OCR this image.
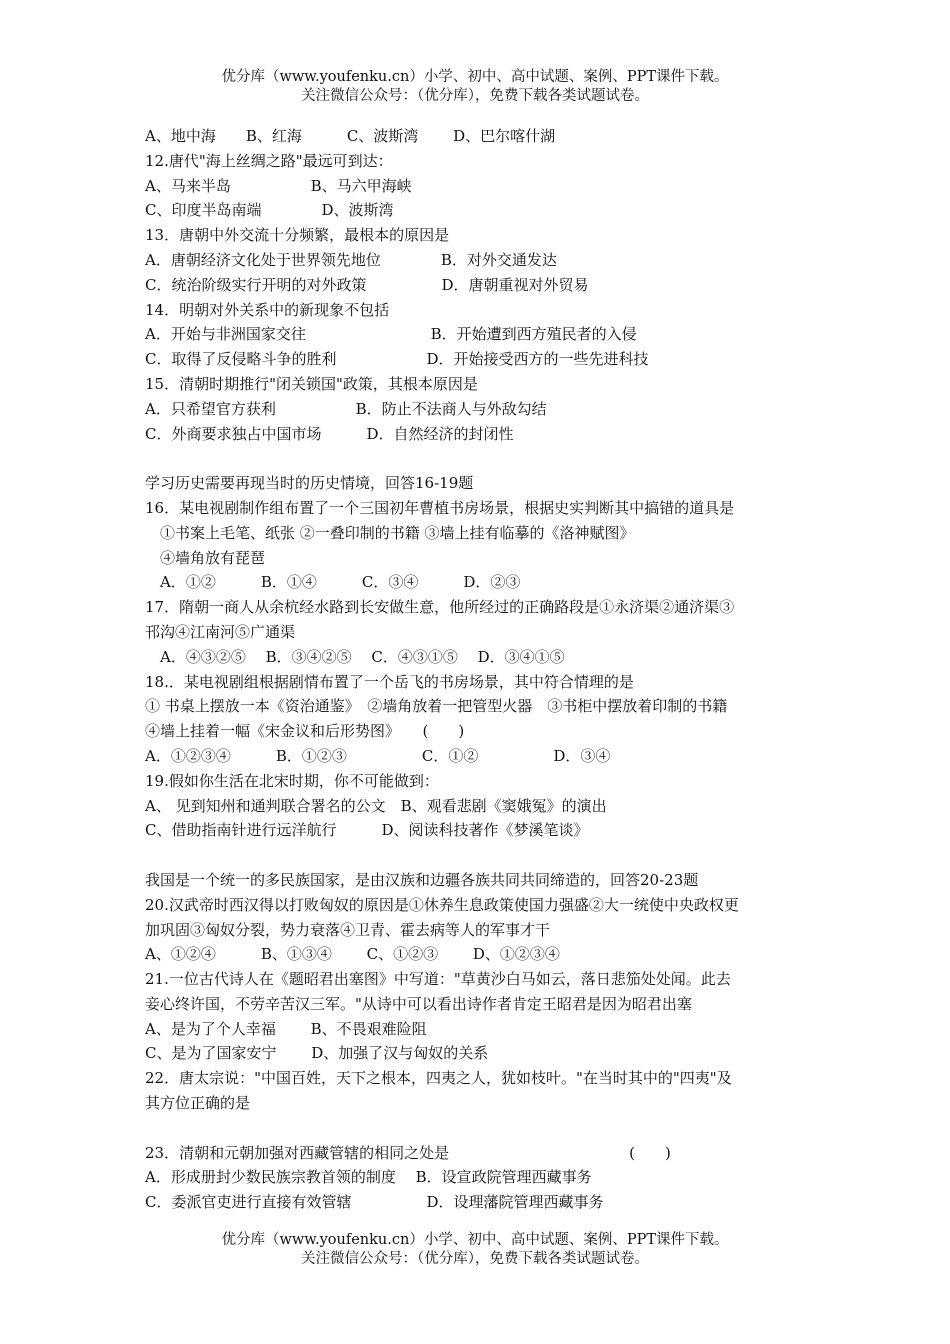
优分库（www.youfenku.cn）小学、初中、高中试题、案例、PPT课件下载。
关注微信公众号：（优分库），免费下载各类试题试卷。
A、地中海　　B、红海　　　C、波斯湾　　 D、巴尔喀什湖
12.唐代"海上丝绸之路"最远可到达：
A、马来半岛　　　　　 B、马六甲海峡
C、印度半岛南端　　　　D、波斯湾
13．唐朝中外交流十分频繁，最根本的原因是
A．唐朝经济文化处于世界领先地位　　　　B．对外交通发达
C．统治阶级实行开明的对外政策　　　　　D．唐朝重视对外贸易
14．明朝对外关系中的新现象不包括
A．开始与非洲国家交往　　　　　　　　 B．开始遭到西方殖民者的入侵
C．取得了反侵略斗争的胜利　　　　　　D．开始接受西方的一些先进科技
15．清朝时期推行"闭关锁国"政策，其根本原因是
A．只希望官方获利　　　　　 B．防止不法商人与外敌勾结
C．外商要求独占中国市场　　　D．自然经济的封闭性
学习历史需要再现当时的历史情境，回答16-19题
16．某电视剧制作组布置了一个三国初年曹植书房场景，根据史实判断其中搞错的道具是
　①书案上毛笔、纸张 ②一叠印制的书籍 ③墙上挂有临摹的《洛神赋图》
　④墙角放有琵琶
　A．①②　　　B．①④　　　C．③④　　　D．②③
17．隋朝一商人从余杭经水路到长安做生意，他所经过的正确路段是①永济渠②通济渠③
邗沟④江南河⑤广通渠
　A．④③②⑤　 B．③④②⑤　 C．④③①⑤　 D．③④①⑤
18.．某电视剧组根据剧情布置了一个岳飞的书房场景，其中符合情理的是
① 书桌上摆放一本《资治通鉴》　②墙角放着一把管型火器　③书柜中摆放着印制的书籍
④墙上挂着一幅《宋金议和后形势图》　　(　　)
A．①②③④　　　B．①②③　　　　　C．①②　　　　　D．③④
19.假如你生活在北宋时期，你不可能做到：
A、 见到知州和通判联合署名的公文　B、观看悲剧《窦娥冤》的演出
C、借助指南针进行远洋航行　　　D、阅读科技著作《梦溪笔谈》
我国是一个统一的多民族国家，是由汉族和边疆各族共同共同缔造的，回答20-23题
20.汉武帝时西汉得以打败匈奴的原因是①休养生息政策使国力强盛②大一统使中央政权更
加巩固③匈奴分裂，势力衰落④卫青、霍去病等人的军事才干
A、①②④　　　B、①③④　　 C、①②③　　 D、①②③④
21.一位古代诗人在《题昭君出塞图》中写道："草黄沙白马如云，落日悲笳处处闻。此去
妾心终许国，不劳辛苦汉三军。"从诗中可以看出诗作者肯定王昭君是因为昭君出塞
A、是为了个人幸福　　 B、不畏艰难险阻
C、是为了国家安宁　　 D、加强了汉与匈奴的关系
22．唐太宗说："中国百姓，天下之根本，四夷之人，犹如枝叶。"在当时其中的"四夷"及
其方位正确的是
23．清朝和元朝加强对西藏管辖的相同之处是　　　　　　　　　　　　(　　)
A．形成册封少数民族宗教首领的制度　 B．设宣政院管理西藏事务
C．委派官吏进行直接有效管辖　　　　　D．设理藩院管理西藏事务
优分库（www.youfenku.cn）小学、初中、高中试题、案例、PPT课件下载。
关注微信公众号：（优分库），免费下载各类试题试卷。
